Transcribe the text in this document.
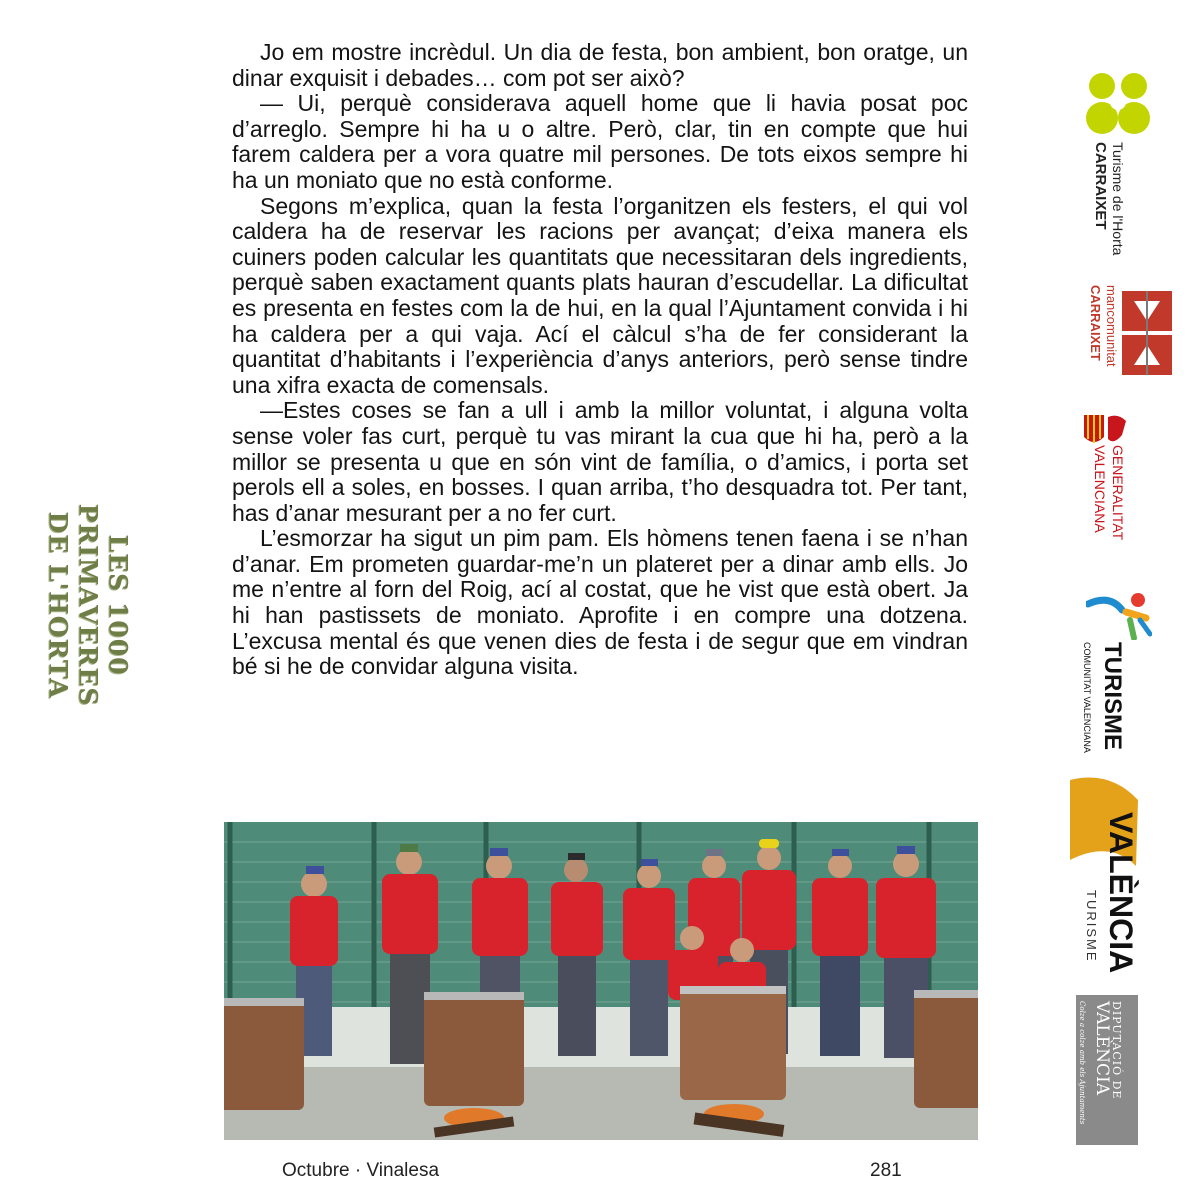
LES 1000
PRIMAVERES
DE L'HORTA

Jo em mostre incrèdul. Un dia de festa, bon ambient, bon oratge, un dinar exquisit i debades… com pot ser això?

— Ui, perquè considerava aquell home que li havia posat poc d’arreglo. Sempre hi ha u o altre. Però, clar, tin en compte que hui farem caldera per a vora quatre mil persones. De tots eixos sempre hi ha un moniato que no està conforme.

Segons m’explica, quan la festa l’organitzen els festers, el qui vol caldera ha de reservar les racions per avançat; d’eixa manera els cuiners poden calcular les quantitats que necessitaran dels ingredients, perquè saben exactament quants plats hauran d’escudellar. La dificultat es presenta en festes com la de hui, en la qual l’Ajuntament convida i hi ha caldera per a qui vaja. Ací el càlcul s’ha de fer considerant la quantitat d’habitants i l’experiència d’anys anteriors, però sense tindre una xifra exacta de comensals.

—Estes coses se fan a ull i amb la millor voluntat, i alguna volta sense voler fas curt, perquè tu vas mirant la cua que hi ha, però a la millor se presenta u que en són vint de família, o d’amics, i porta set perols ell a soles, en bosses. I quan arriba, t’ho desquadra tot. Per tant, has d’anar mesurant per a no fer curt.

L’esmorzar ha sigut un pim pam. Els hòmens tenen faena i se n’han d’anar. Em prometen guardar-me’n un plateret per a dinar amb ells. Jo me n’entre al forn del Roig, ací al costat, que he vist que està obert. Ja hi han pastissets de moniato. Aprofite i en compre una dotzena. L’excusa mental és que venen dies de festa i de segur que em vindran bé si he de convidar alguna visita.

Octubre · Vinalesa	281
Turisme de l'Horta
CARRAIXET
mancomunitat
CARRAIXET
GENERALITAT
VALENCIANA
TURISME
COMUNITAT VALENCIANA
VALÈNCIA
TURISME
DIPUTACIÓ DE
VALÈNCIA
Colze a colze amb els Ajuntaments
